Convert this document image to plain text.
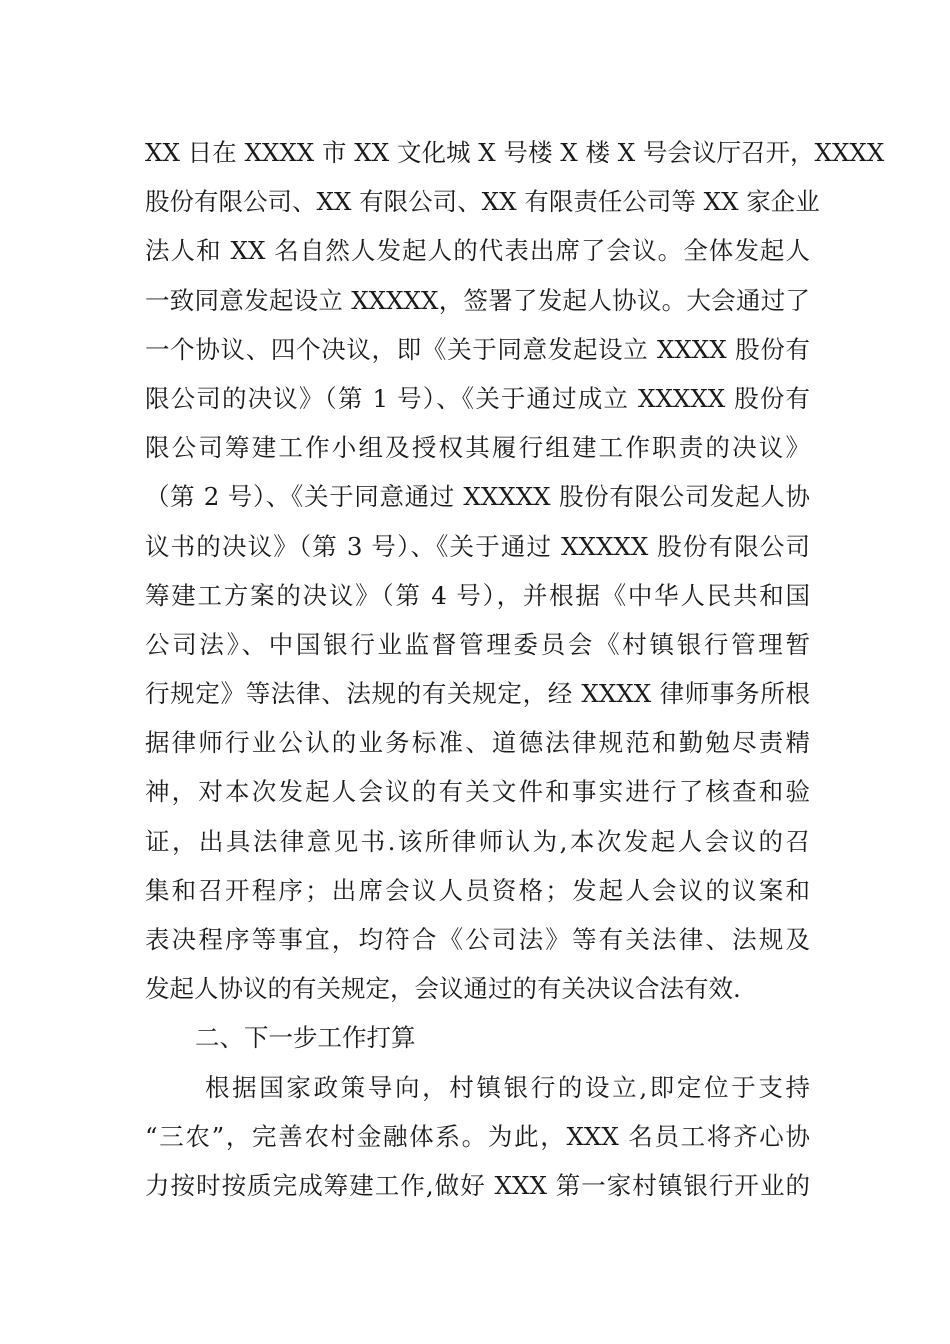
XX 日在 XXXX 市 XX 文化城 X 号楼 X 楼 X 号会议厅召开，XXXX
股份有限公司、XX 有限公司、XX 有限责任公司等 XX 家企业
法人和 XX 名自然人发起人的代表出席了会议。全体发起人
一致同意发起设立 XXXXX，签署了发起人协议。大会通过了
一个协议、四个决议，即《关于同意发起设立 XXXX 股份有
限公司的决议》（第 1 号）、《关于通过成立 XXXXX 股份有
限公司筹建工作小组及授权其履行组建工作职责的决议》
（第 2 号）、《关于同意通过 XXXXX 股份有限公司发起人协
议书的决议》（第 3 号）、《关于通过 XXXXX 股份有限公司
筹建工方案的决议》（第 4 号），并根据《中华人民共和国
公司法》、中国银行业监督管理委员会《村镇银行管理暂
行规定》等法律、法规的有关规定，经 XXXX 律师事务所根
据律师行业公认的业务标准、道德法律规范和勤勉尽责精
神，对本次发起人会议的有关文件和事实进行了核查和验
证，出具法律意见书.该所律师认为,本次发起人会议的召
集和召开程序；出席会议人员资格；发起人会议的议案和
表决程序等事宜，均符合《公司法》等有关法律、法规及
发起人协议的有关规定，会议通过的有关决议合法有效.
二、下一步工作打算
根据国家政策导向，村镇银行的设立,即定位于支持
“三农”，完善农村金融体系。为此，XXX 名员工将齐心协
力按时按质完成筹建工作,做好 XXX 第一家村镇银行开业的
